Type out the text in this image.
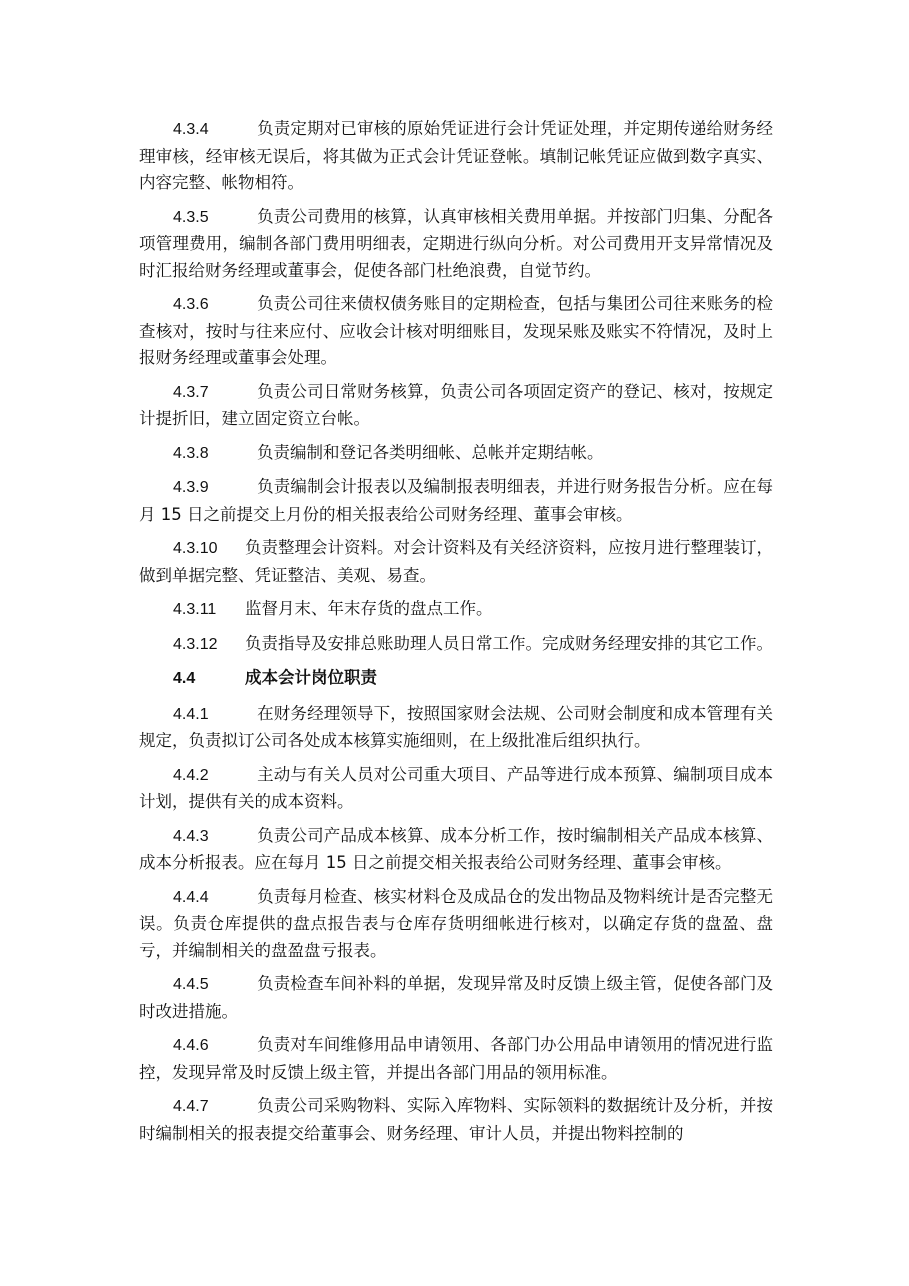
4.3.4	负责定期对已审核的原始凭证进行会计凭证处理，并定期传递给财务经理审核，经审核无误后，将其做为正式会计凭证登帐。填制记帐凭证应做到数字真实、内容完整、帐物相符。

4.3.5	负责公司费用的核算，认真审核相关费用单据。并按部门归集、分配各项管理费用，编制各部门费用明细表，定期进行纵向分析。对公司费用开支异常情况及时汇报给财务经理或董事会，促使各部门杜绝浪费，自觉节约。

4.3.6	负责公司往来债权债务账目的定期检查，包括与集团公司往来账务的检查核对，按时与往来应付、应收会计核对明细账目，发现呆账及账实不符情况，及时上报财务经理或董事会处理。

4.3.7	负责公司日常财务核算，负责公司各项固定资产的登记、核对，按规定计提折旧，建立固定资立台帐。

4.3.8	负责编制和登记各类明细帐、总帐并定期结帐。

4.3.9	负责编制会计报表以及编制报表明细表，并进行财务报告分析。应在每月 15 日之前提交上月份的相关报表给公司财务经理、董事会审核。

4.3.10 负责整理会计资料。对会计资料及有关经济资料，应按月进行整理装订，做到单据完整、凭证整洁、美观、易查。

4.3.11 监督月末、年末存货的盘点工作。

4.3.12 负责指导及安排总账助理人员日常工作。完成财务经理安排的其它工作。

4.4	成本会计岗位职责

4.4.1	在财务经理领导下，按照国家财会法规、公司财会制度和成本管理有关规定，负责拟订公司各处成本核算实施细则，在上级批准后组织执行。

4.4.2	主动与有关人员对公司重大项目、产品等进行成本预算、编制项目成本计划，提供有关的成本资料。

4.4.3	负责公司产品成本核算、成本分析工作，按时编制相关产品成本核算、成本分析报表。应在每月 15 日之前提交相关报表给公司财务经理、董事会审核。

4.4.4	负责每月检查、核实材料仓及成品仓的发出物品及物料统计是否完整无误。负责仓库提供的盘点报告表与仓库存货明细帐进行核对，以确定存货的盘盈、盘亏，并编制相关的盘盈盘亏报表。

4.4.5	负责检查车间补料的单据，发现异常及时反馈上级主管，促使各部门及时改进措施。

4.4.6	负责对车间维修用品申请领用、各部门办公用品申请领用的情况进行监控，发现异常及时反馈上级主管，并提出各部门用品的领用标准。

4.4.7	负责公司采购物料、实际入库物料、实际领料的数据统计及分析，并按时编制相关的报表提交给董事会、财务经理、审计人员，并提出物料控制的
